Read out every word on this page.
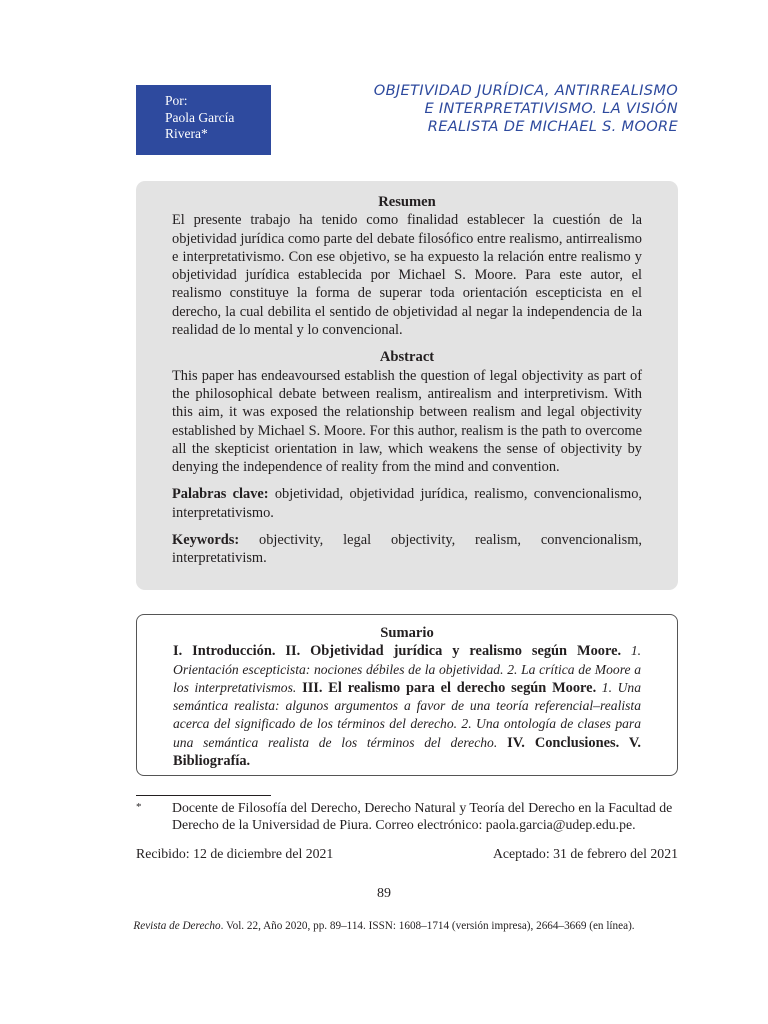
Por:
Paola García
Rivera*
OBJETIVIDAD JURÍDICA, ANTIRREALISMO
E INTERPRETATIVISMO. LA VISIÓN
REALISTA DE MICHAEL S. MOORE
Resumen
El presente trabajo ha tenido como finalidad establecer la cuestión de la objetividad jurídica como parte del debate filosófico entre realismo, antirrealismo e interpretativismo. Con ese objetivo, se ha expuesto la relación entre realismo y objetividad jurídica establecida por Michael S. Moore. Para este autor, el realismo constituye la forma de superar toda orientación escepticista en el derecho, la cual debilita el sentido de objetividad al negar la independencia de la realidad de lo mental y lo convencional.
Abstract
This paper has endeavoursed establish the question of legal objectivity as part of the philosophical debate between realism, antirealism and interpretivism. With this aim, it was exposed the relationship between realism and legal objectivity established by Michael S. Moore. For this author, realism is the path to overcome all the skepticist orientation in law, which weakens the sense of objectivity by denying the independence of reality from the mind and convention.
Palabras clave: objetividad, objetividad jurídica, realismo, convencionalismo, interpretativismo.
Keywords: objectivity, legal objectivity, realism, convencionalism, interpretativism.
Sumario
I. Introducción. II. Objetividad jurídica y realismo según Moore. 1. Orientación escepticista: nociones débiles de la objetividad. 2. La crítica de Moore a los interpretativismos. III. El realismo para el derecho según Moore. 1. Una semántica realista: algunos argumentos a favor de una teoría referencial–realista acerca del significado de los términos del derecho. 2. Una ontología de clases para una semántica realista de los términos del derecho. IV. Conclusiones. V. Bibliografía.
* Docente de Filosofía del Derecho, Derecho Natural y Teoría del Derecho en la Facultad de Derecho de la Universidad de Piura. Correo electrónico: paola.garcia@udep.edu.pe.
Recibido: 12 de diciembre del 2021	Aceptado: 31 de febrero del 2021
89
Revista de Derecho. Vol. 22, Año 2020, pp. 89–114. ISSN: 1608–1714 (versión impresa), 2664–3669 (en línea).
